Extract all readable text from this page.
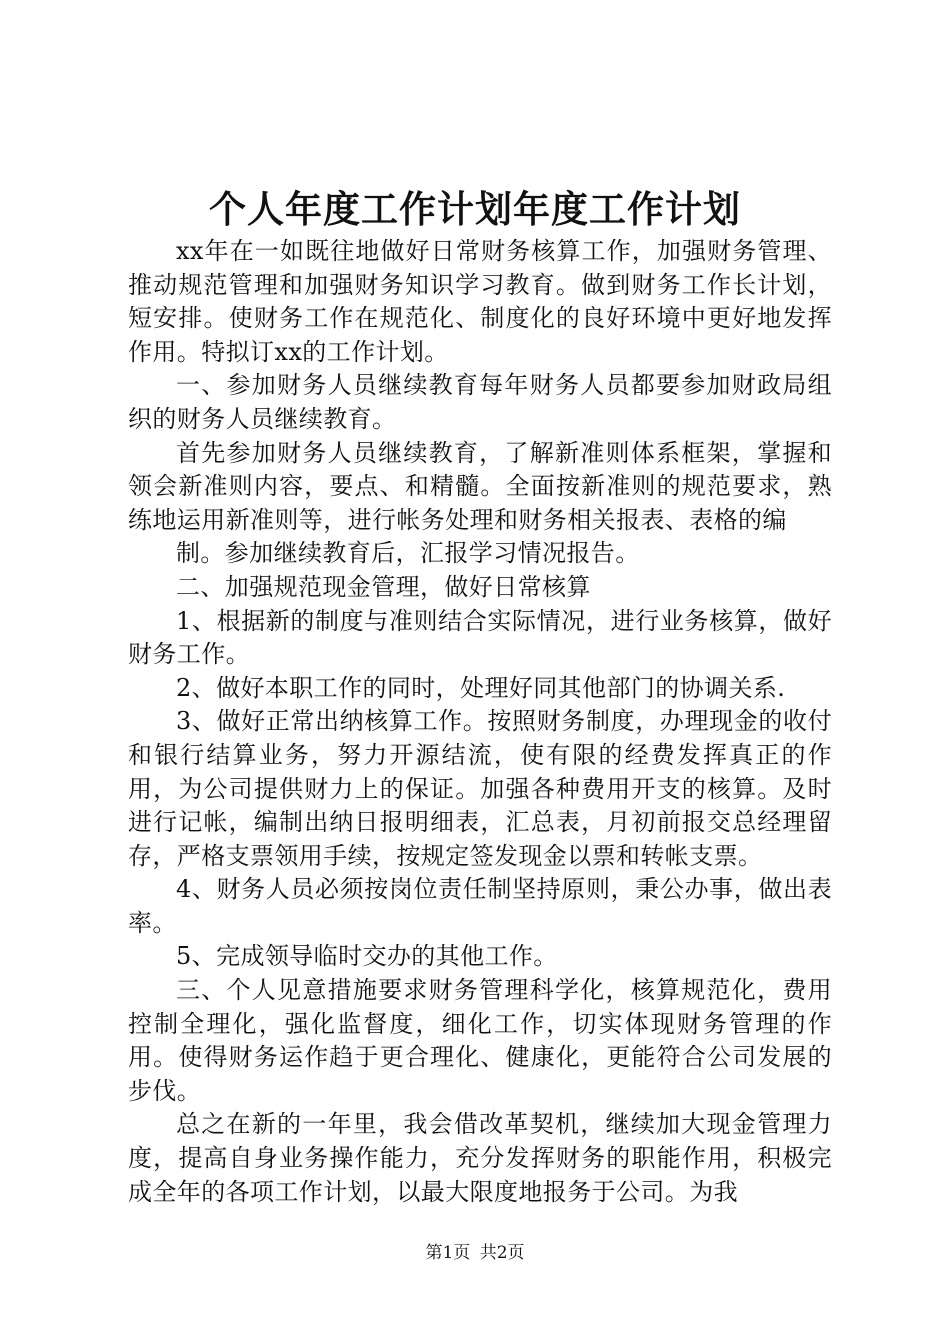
个人年度工作计划年度工作计划

xx年在一如既往地做好日常财务核算工作，加强财务管理、推动规范管理和加强财务知识学习教育。做到财务工作长计划，短安排。使财务工作在规范化、制度化的良好环境中更好地发挥作用。特拟订xx的工作计划。

一、参加财务人员继续教育每年财务人员都要参加财政局组织的财务人员继续教育。

首先参加财务人员继续教育，了解新准则体系框架，掌握和领会新准则内容，要点、和精髓。全面按新准则的规范要求，熟练地运用新准则等，进行帐务处理和财务相关报表、表格的编

制。参加继续教育后，汇报学习情况报告。

二、加强规范现金管理，做好日常核算

1、根据新的制度与准则结合实际情况，进行业务核算，做好财务工作。

2、做好本职工作的同时，处理好同其他部门的协调关系.

3、做好正常出纳核算工作。按照财务制度，办理现金的收付和银行结算业务，努力开源结流，使有限的经费发挥真正的作用，为公司提供财力上的保证。加强各种费用开支的核算。及时进行记帐，编制出纳日报明细表，汇总表，月初前报交总经理留存，严格支票领用手续，按规定签发现金以票和转帐支票。

4、财务人员必须按岗位责任制坚持原则，秉公办事，做出表率。

5、完成领导临时交办的其他工作。

三、个人见意措施要求财务管理科学化，核算规范化，费用控制全理化，强化监督度，细化工作，切实体现财务管理的作用。使得财务运作趋于更合理化、健康化，更能符合公司发展的步伐。

总之在新的一年里，我会借改革契机，继续加大现金管理力度，提高自身业务操作能力，充分发挥财务的职能作用，积极完成全年的各项工作计划，以最大限度地报务于公司。为我

第1页 共2页
